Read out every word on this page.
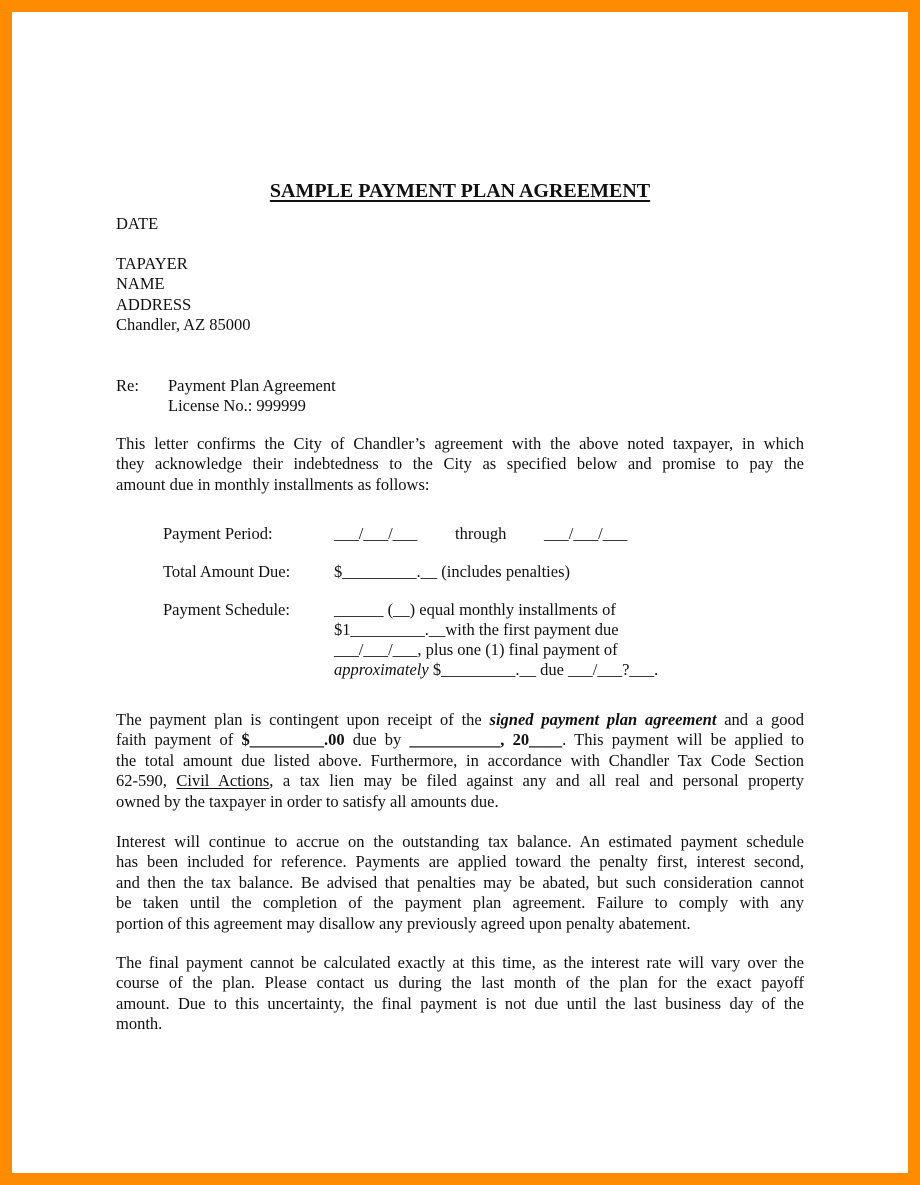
SAMPLE PAYMENT PLAN AGREEMENT
DATE
TAPAYER
NAME
ADDRESS
Chandler, AZ 85000
Re: Payment Plan Agreement
License No.: 999999
This letter confirms the City of Chandler’s agreement with the above noted taxpayer, in which
they acknowledge their indebtedness to the City as specified below and promise to pay the
amount due in monthly installments as follows:
Payment Period:	___/___/___ through ___/___/___
Total Amount Due:	$_________.__ (includes penalties)
Payment Schedule:	______ (__) equal monthly installments of
$1_________.__with the first payment due
___/___/___, plus one (1) final payment of
approximately $_________.__ due ___/___?___.
The payment plan is contingent upon receipt of the signed payment plan agreement and a good
faith payment of $_________.00 due by ___________, 20____. This payment will be applied to
the total amount due listed above. Furthermore, in accordance with Chandler Tax Code Section
62-590, Civil Actions, a tax lien may be filed against any and all real and personal property
owned by the taxpayer in order to satisfy all amounts due.
Interest will continue to accrue on the outstanding tax balance. An estimated payment schedule
has been included for reference. Payments are applied toward the penalty first, interest second,
and then the tax balance. Be advised that penalties may be abated, but such consideration cannot
be taken until the completion of the payment plan agreement. Failure to comply with any
portion of this agreement may disallow any previously agreed upon penalty abatement.
The final payment cannot be calculated exactly at this time, as the interest rate will vary over the
course of the plan. Please contact us during the last month of the plan for the exact payoff
amount. Due to this uncertainty, the final payment is not due until the last business day of the
month.
